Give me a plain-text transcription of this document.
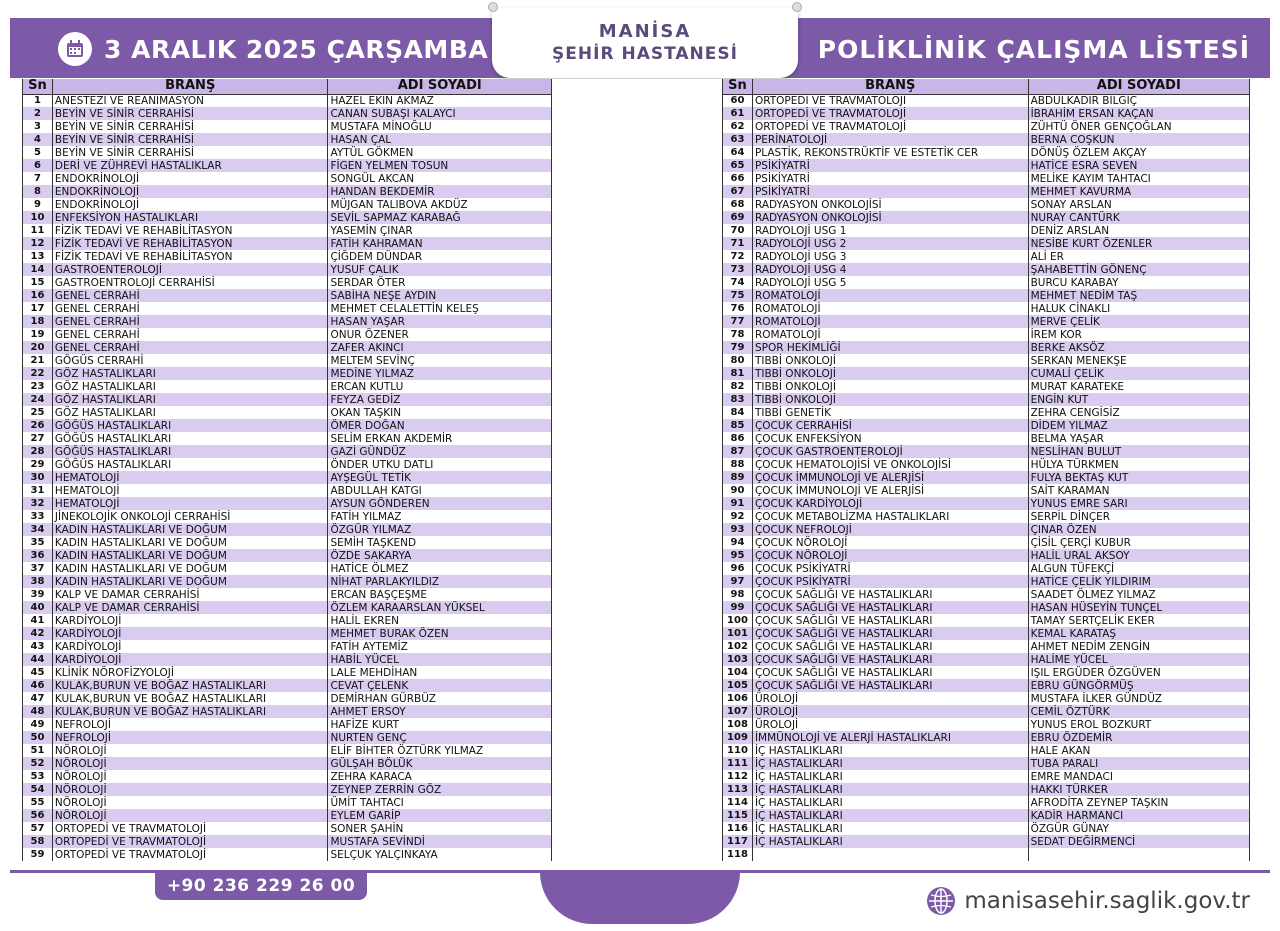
3 ARALIK 2025 ÇARŞAMBA
MANİSA
ŞEHİR HASTANESİ	POLİKLİNİK ÇALIŞMA LİSTESİ
Sn	BRANŞ	ADI SOYADI
1	ANESTEZİ VE REANİMASYON	HAZEL EKİN AKMAZ
2	BEYİN VE SİNİR CERRAHİSİ	CANAN SUBAŞI KALAYCI
3	BEYİN VE SİNİR CERRAHİSİ	MUSTAFA MİNOĞLU
4	BEYİN VE SİNİR CERRAHİSİ	HASAN ÇAL
5	BEYİN VE SİNİR CERRAHİSİ	AYTÜL GÖKMEN
6	DERİ VE ZÜHREVİ HASTALIKLAR	FİGEN YELMEN TOSUN
7	ENDOKRİNOLOJİ	SONGÜL AKCAN
8	ENDOKRİNOLOJİ	HANDAN BEKDEMİR
9	ENDOKRİNOLOJİ	MÜJGAN TALIBOVA AKDÜZ
10	ENFEKSİYON HASTALIKLARI	SEVİL SAPMAZ KARABAĞ
11	FİZİK TEDAVİ VE REHABİLİTASYON	YASEMİN ÇINAR
12	FİZİK TEDAVİ VE REHABİLİTASYON	FATİH KAHRAMAN
13	FİZİK TEDAVİ VE REHABİLİTASYON	ÇİĞDEM DÜNDAR
14	GASTROENTEROLOJİ	YUSUF ÇALIK
15	GASTROENTROLOJİ CERRAHİSİ	SERDAR ÖTER
16	GENEL CERRAHİ	SABİHA NEŞE AYDIN
17	GENEL CERRAHİ	MEHMET CELALETTİN KELEŞ
18	GENEL CERRAHİ	HASAN YAŞAR
19	GENEL CERRAHİ	ONUR ÖZENER
20	GENEL CERRAHİ	ZAFER AKINCI
21	GÖGÜS CERRAHİ	MELTEM SEVİNÇ
22	GÖZ HASTALIKLARI	MEDİNE YILMAZ
23	GÖZ HASTALIKLARI	ERCAN KUTLU
24	GÖZ HASTALIKLARI	FEYZA GEDİZ
25	GÖZ HASTALIKLARI	OKAN TAŞKIN
26	GÖĞÜS HASTALIKLARI	ÖMER DOĞAN
27	GÖĞÜS HASTALIKLARI	SELİM ERKAN AKDEMİR
28	GÖĞÜS HASTALIKLARI	GAZİ GÜNDÜZ
29	GÖĞÜS HASTALIKLARI	ÖNDER UTKU DATLI
30	HEMATOLOJİ	AYŞEGÜL TETİK
31	HEMATOLOJİ	ABDULLAH KATGI
32	HEMATOLOJİ	AYSUN GÖNDEREN
33	JİNEKOLOJİK ONKOLOJİ CERRAHİSİ	FATİH YILMAZ
34	KADIN HASTALIKLARI VE DOĞUM	ÖZGÜR YILMAZ
35	KADIN HASTALIKLARI VE DOĞUM	SEMİH TAŞKEND
36	KADIN HASTALIKLARI VE DOĞUM	ÖZDE SAKARYA
37	KADIN HASTALIKLARI VE DOĞUM	HATİCE ÖLMEZ
38	KADIN HASTALIKLARI VE DOĞUM	NİHAT PARLAKYILDIZ
39	KALP VE DAMAR CERRAHİSİ	ERCAN BAŞÇEŞME
40	KALP VE DAMAR CERRAHİSİ	ÖZLEM KARAARSLAN YÜKSEL
41	KARDİYOLOJİ	HALİL EKREN
42	KARDİYOLOJİ	MEHMET BURAK ÖZEN
43	KARDİYOLOJİ	FATİH AYTEMİZ
44	KARDİYOLOJİ	HABİL YÜCEL
45	KLİNİK NÖROFİZYOLOJİ	LALE MEHDİHAN
46	KULAK,BURUN VE BOĞAZ HASTALIKLARI	CEVAT ÇELENK
47	KULAK,BURUN VE BOĞAZ HASTALIKLARI	DEMİRHAN GÜRBÜZ
48	KULAK,BURUN VE BOĞAZ HASTALIKLARI	AHMET ERSOY
49	NEFROLOJİ	HAFİZE KURT
50	NEFROLOJİ	NURTEN GENÇ
51	NÖROLOJİ	ELİF BİHTER ÖZTÜRK YILMAZ
52	NÖROLOJİ	GÜLŞAH BÖLÜK
53	NÖROLOJİ	ZEHRA KARACA
54	NÖROLOJİ	ZEYNEP ZERRİN GÖZ
55	NÖROLOJİ	ÜMİT TAHTACI
56	NÖROLOJİ	EYLEM GARİP
57	ORTOPEDİ VE TRAVMATOLOJİ	SONER ŞAHİN
58	ORTOPEDİ VE TRAVMATOLOJİ	MUSTAFA SEVİNDİ
59	ORTOPEDİ VE TRAVMATOLOJİ	SELÇUK YALÇINKAYA
Sn	BRANŞ	ADI SOYADI
60	ORTOPEDİ VE TRAVMATOLOJİ	ABDÜLKADİR BİLGİÇ
61	ORTOPEDİ VE TRAVMATOLOJİ	İBRAHİM ERSAN KAÇAN
62	ORTOPEDİ VE TRAVMATOLOJİ	ZÜHTÜ ÖNER GENÇOĞLAN
63	PERİNATOLOJİ	BERNA COŞKUN
64	PLASTİK, REKONSTRÜKTİF VE ESTETİK CER	DÖNÜŞ ÖZLEM AKÇAY
65	PSİKİYATRİ	HATİCE ESRA SEVEN
66	PSİKİYATRİ	MELİKE KAYIM TAHTACI
67	PSİKİYATRİ	MEHMET KAVURMA
68	RADYASYON ONKOLOJİSİ	SONAY ARSLAN
69	RADYASYON ONKOLOJİSİ	NURAY CANTÜRK
70	RADYOLOJİ USG 1	DENİZ ARSLAN
71	RADYOLOJİ USG 2	NESİBE KURT ÖZENLER
72	RADYOLOJİ USG 3	ALİ ER
73	RADYOLOJİ USG 4	ŞAHABETTİN GÖNENÇ
74	RADYOLOJİ USG 5	BURCU KARABAY
75	ROMATOLOJİ	MEHMET NEDİM TAŞ
76	ROMATOLOJİ	HALUK CİNAKLI
77	ROMATOLOJİ	MERVE ÇELİK
78	ROMATOLOJİ	İREM KOR
79	SPOR HEKİMLİĞİ	BERKE AKSÖZ
80	TIBBİ ONKOLOJİ	SERKAN MENEKŞE
81	TIBBİ ONKOLOJİ	CUMALİ ÇELİK
82	TIBBİ ONKOLOJİ	MURAT KARATEKE
83	TIBBİ ONKOLOJİ	ENGİN KUT
84	TIBBİ GENETİK	ZEHRA CENGİSİZ
85	ÇOCUK CERRAHİSİ	DİDEM YILMAZ
86	ÇOCUK ENFEKSİYON	BELMA YAŞAR
87	ÇOCUK GASTROENTEROLOJİ	NESLİHAN BULUT
88	ÇOCUK HEMATOLOJİSİ VE ONKOLOJİSİ	HÜLYA TÜRKMEN
89	ÇOCUK İMMUNOLOJİ VE ALERJİSİ	FULYA BEKTAŞ KUT
90	ÇOCUK İMMUNOLOJİ VE ALERJİSİ	SAİT KARAMAN
91	ÇOCUK KARDİYOLOJİ	YUNUS EMRE SARI
92	ÇOCUK METABOLİZMA HASTALIKLARI	SERPİL DİNÇER
93	ÇOCUK NEFROLOJİ	ÇINAR ÖZEN
94	ÇOCUK NÖROLOJİ	ÇİSİL ÇERÇİ KUBUR
95	ÇOCUK NÖROLOJİ	HALİL URAL AKSOY
96	ÇOCUK PSİKİYATRİ	ALGUN TÜFEKÇİ
97	ÇOCUK PSİKİYATRİ	HATİCE ÇELİK YILDIRIM
98	ÇOCUK SAĞLIĞI VE HASTALIKLARI	SAADET ÖLMEZ YILMAZ
99	ÇOCUK SAĞLIĞI VE HASTALIKLARI	HASAN HÜSEYİN TUNÇEL
100	ÇOCUK SAĞLIĞI VE HASTALIKLARI	TAMAY SERTÇELİK EKER
101	ÇOCUK SAĞLIĞI VE HASTALIKLARI	KEMAL KARATAŞ
102	ÇOCUK SAĞLIĞI VE HASTALIKLARI	AHMET NEDİM ZENGİN
103	ÇOCUK SAĞLIĞI VE HASTALIKLARI	HALİME YÜCEL
104	ÇOCUK SAĞLIĞI VE HASTALIKLARI	IŞIL ERGÜDER ÖZGÜVEN
105	ÇOCUK SAĞLIĞI VE HASTALIKLARI	EBRU GÜNGÖRMÜŞ
106	ÜROLOJİ	MUSTAFA İLKER GÜNDÜZ
107	ÜROLOJİ	CEMİL ÖZTÜRK
108	ÜROLOJİ	YUNUS EROL BOZKURT
109	İMMÜNOLOJİ VE ALERJİ HASTALIKLARI	EBRU ÖZDEMİR
110	İÇ HASTALIKLARI	HALE AKAN
111	İÇ HASTALIKLARI	TUBA PARALI
112	İÇ HASTALIKLARI	EMRE MANDACI
113	İÇ HASTALIKLARI	HAKKI TÜRKER
114	İÇ HASTALIKLARI	AFRODİTA ZEYNEP TAŞKIN
115	İÇ HASTALIKLARI	KADİR HARMANCI
116	İÇ HASTALIKLARI	ÖZGÜR GÜNAY
117	İÇ HASTALIKLARI	SEDAT DEĞİRMENCİ
118		
+90 236 229 26 00
manisasehir.saglik.gov.tr
